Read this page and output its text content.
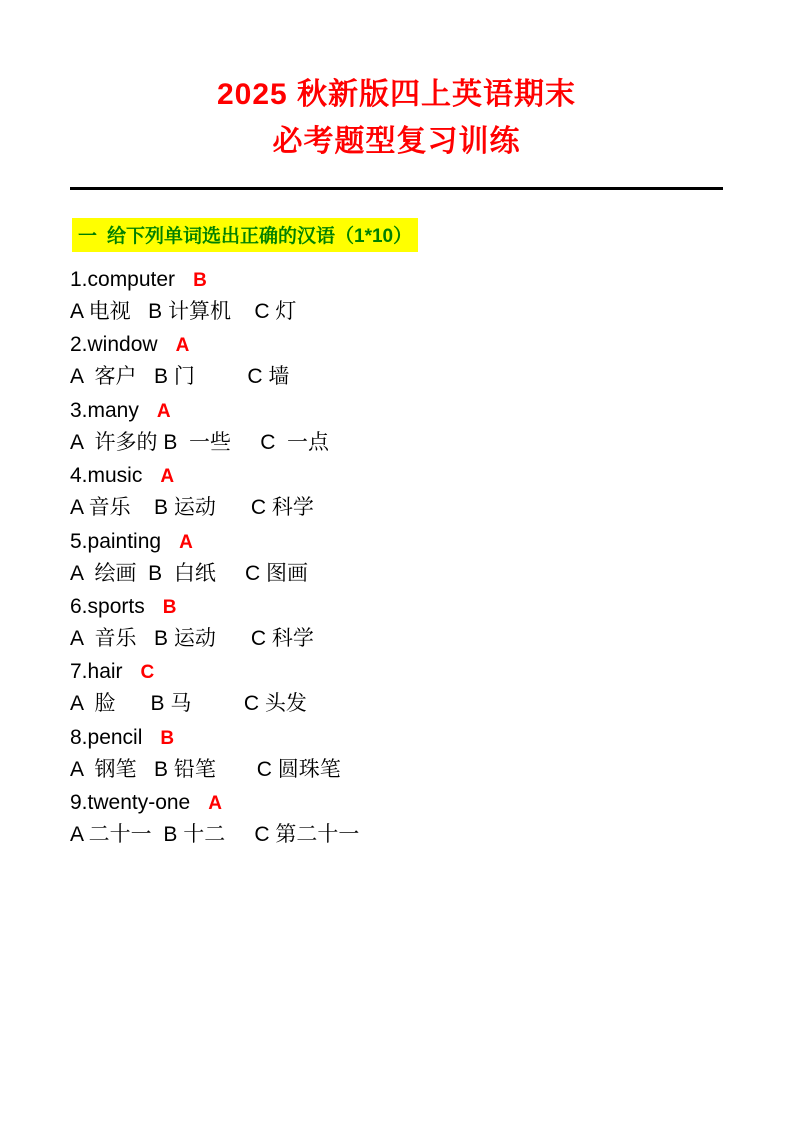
2025 秋新版四上英语期末
必考题型复习训练
一 给下列单词选出正确的汉语（1*10）
1.computer B
A 电视   B 计算机    C 灯
2.window A
A  客户   B 门         C 墙
3.many A
A  许多的 B  一些     C  一点
4.music A
A 音乐    B 运动      C 科学
5.painting A
A  绘画  B  白纸     C 图画
6.sports B
A  音乐   B 运动      C 科学
7.hair C
A  脸      B 马         C 头发
8.pencil B
A  钢笔   B 铅笔       C 圆珠笔
9.twenty-one A
A 二十一  B 十二     C 第二十一
